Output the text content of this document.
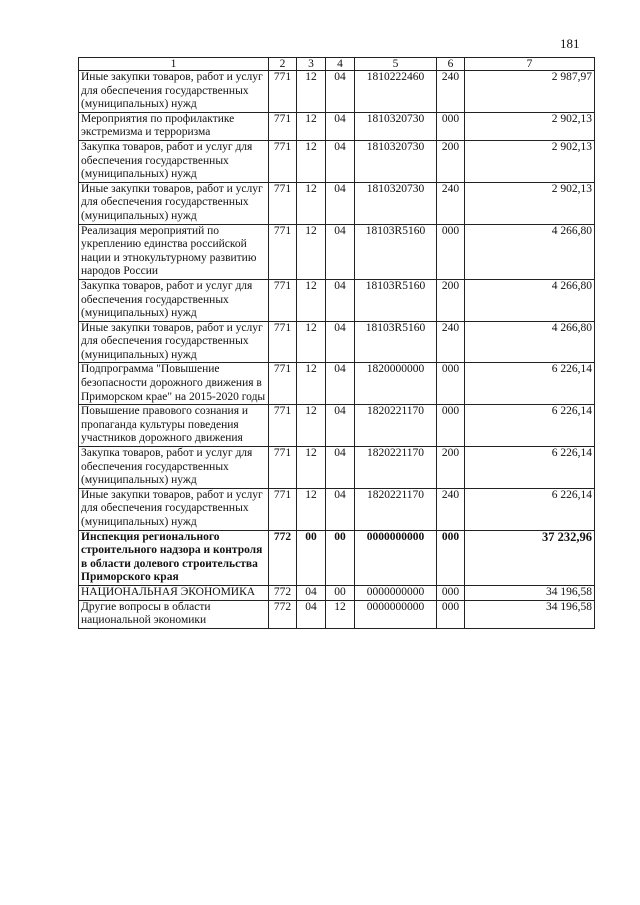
181
1	2	3	4	5	6	7
Иные закупки товаров, работ и услуг для обеспечения государственных (муниципальных) нужд	771	12	04	1810222460	240	2 987,97
Мероприятия по профилактике экстремизма и терроризма	771	12	04	1810320730	000	2 902,13
Закупка товаров, работ и услуг для обеспечения государственных (муниципальных) нужд	771	12	04	1810320730	200	2 902,13
Иные закупки товаров, работ и услуг для обеспечения государственных (муниципальных) нужд	771	12	04	1810320730	240	2 902,13
Реализация мероприятий по укреплению единства российской нации и этнокультурному развитию народов России	771	12	04	18103R5160	000	4 266,80
Закупка товаров, работ и услуг для обеспечения государственных (муниципальных) нужд	771	12	04	18103R5160	200	4 266,80
Иные закупки товаров, работ и услуг для обеспечения государственных (муниципальных) нужд	771	12	04	18103R5160	240	4 266,80
Подпрограмма "Повышение безопасности дорожного движения в Приморском крае" на 2015-2020 годы	771	12	04	1820000000	000	6 226,14
Повышение правового сознания и пропаганда культуры поведения участников дорожного движения	771	12	04	1820221170	000	6 226,14
Закупка товаров, работ и услуг для обеспечения государственных (муниципальных) нужд	771	12	04	1820221170	200	6 226,14
Иные закупки товаров, работ и услуг для обеспечения государственных (муниципальных) нужд	771	12	04	1820221170	240	6 226,14
Инспекция регионального строительного надзора и контроля в области долевого строительства Приморского края	772	00	00	0000000000	000	37 232,96
НАЦИОНАЛЬНАЯ ЭКОНОМИКА	772	04	00	0000000000	000	34 196,58
Другие вопросы в области национальной экономики	772	04	12	0000000000	000	34 196,58
